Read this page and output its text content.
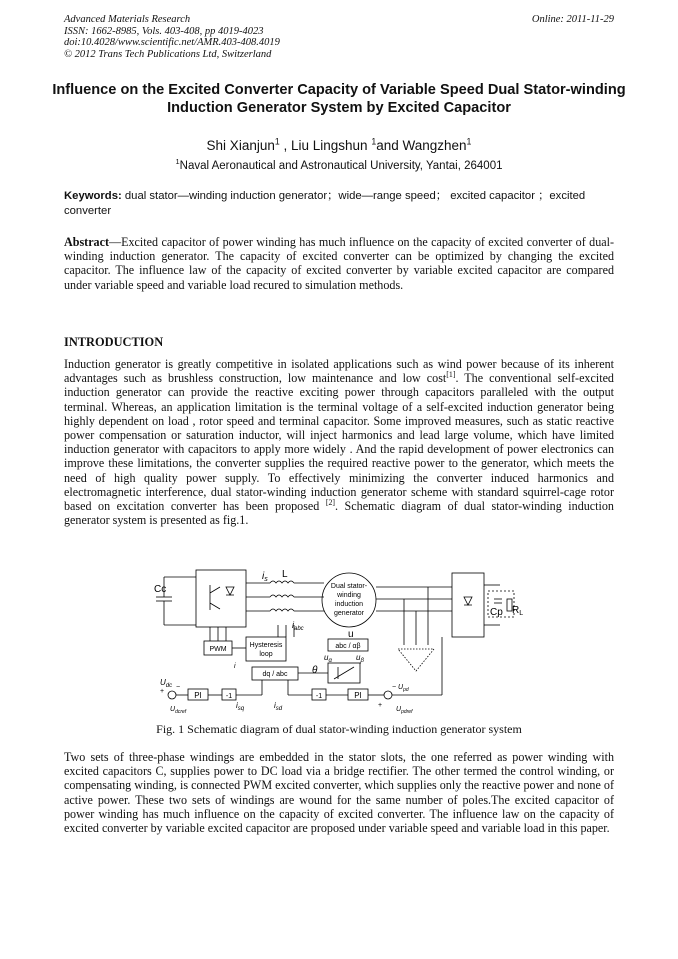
Advanced Materials Research
ISSN: 1662-8985, Vols. 403-408, pp 4019-4023
doi:10.4028/www.scientific.net/AMR.403-408.4019
© 2012 Trans Tech Publications Ltd, Switzerland
Online: 2011-11-29
Influence on the Excited Converter Capacity of Variable Speed Dual Stator-winding Induction Generator System by Excited Capacitor
Shi Xianjun$^1$ , Liu Lingshun $^1$and Wangzhen$^1$
$^1$Naval Aeronautical and Astronautical University, Yantai, 264001
Keywords: dual stator—winding induction generator；wide—range speed； excited capacitor ；excited converter
Abstract—Excited capacitor of power winding has much influence on the capacity of excited converter of dual-winding induction generator. The capacity of excited converter can be optimized by changing the excited capacitor. The influence law of the capacity of excited converter by variable excited capacitor are compared under variable speed and variable load recured to simulation methods.
INTRODUCTION
Induction generator is greatly competitive in isolated applications such as wind power because of its inherent advantages such as brushless construction, low maintenance and low cost[1]. The conventional self-excited induction generator can provide the reactive exciting power through capacitors paralleled with the output terminal. Whereas, an application limitation is the terminal voltage of a self-excited induction generator being highly dependent on load , rotor speed and terminal capacitor. Some improved measures, such as static reactive power compensation or saturation inductor, will inject harmonics and lead large volume, which have limited induction generator with capacitors to apply more widely . And the rapid development of power electronics can improve these limitations, the converter supplies the required reactive power to the generator, which meets the need of high quality power supply. To effectively minimizing the converter induced harmonics and electromagnetic interference, dual stator-winding induction generator scheme with standard squirrel-cage rotor based on excitation converter has been proposed [2]. Schematic diagram of dual stator-winding induction generator system is presented as fig.1.
Cc
$i_s$ L
Dual stator-
winding
induction
generator	Cp $R_L$
$i_{abc}$	u
PWM
Hysteresis
loop
i
abc / αβ
$u_\alpha$	$u_\beta$
θ
dq / abc
$U_{dc}$
+
−
PI	-1
$i_{sq}$
$U_{dcref}$
$i_{sd}$
-1	PI
+
− $U_{pd}$
$U_{pdref}$
Fig. 1 Schematic diagram of dual stator-winding induction generator system
Two sets of three-phase windings are embedded in the stator slots, the one referred as power winding with excited capacitors C, supplies power to DC load via a bridge rectifier. The other termed the control winding, or compensating winding, is connected PWM excited converter, which supplies only the reactive power and none of active power. These two sets of windings are wound for the same number of poles.The excited capacitor of power winding has much influence on the capacity of excited converter. The influence law on the capacity of excited converter by variable excited capacitor are proposed under variable speed and variable load in this paper.
